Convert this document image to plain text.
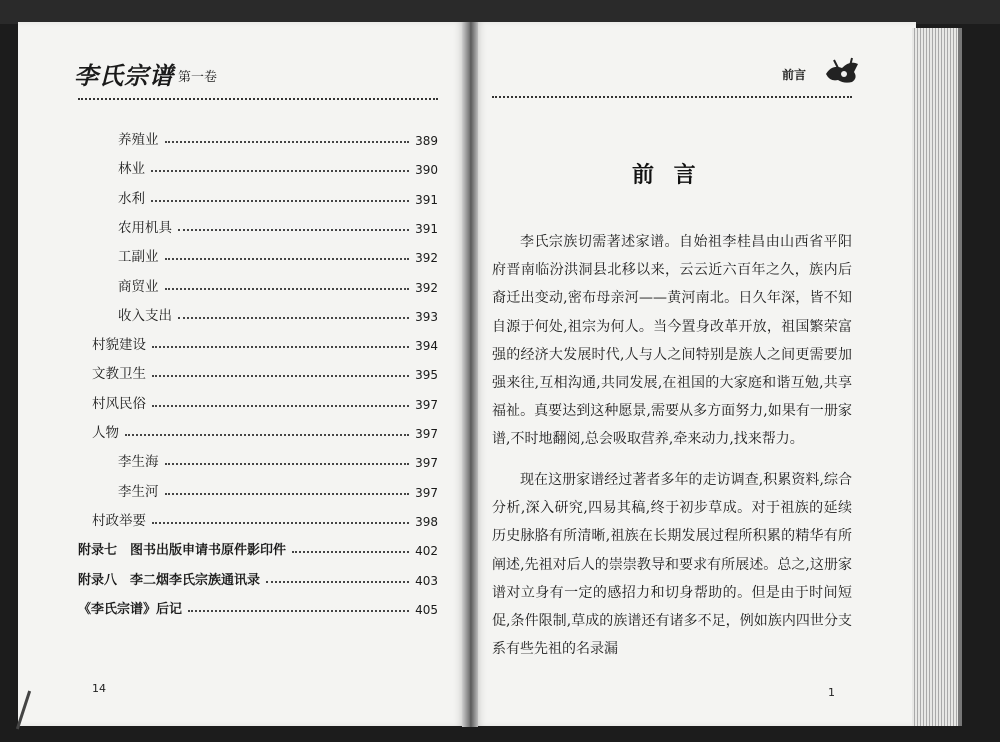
李氏宗谱 第一卷
养殖业	389
林业	390
水利	391
农用机具	391
工副业	392
商贸业	392
收入支出	393
村貌建设	394
文教卫生	395
村风民俗	397
人物	397
李生海	397
李生河	397
村政举要	398
附录七　图书出版申请书原件影印件	402
附录八　李二烟李氏宗族通讯录	403
《李氏宗谱》后记	405
14
前言
前 言
李氏宗族切需著述家谱。自始祖李桂昌由山西省平阳府晋南临汾洪洞县北移以来，云云近六百年之久，族内后裔迁出变动,密布母亲河——黄河南北。日久年深，皆不知自源于何处,祖宗为何人。当今置身改革开放，祖国繁荣富强的经济大发展时代,人与人之间特别是族人之间更需要加强来往,互相沟通,共同发展,在祖国的大家庭和谐互勉,共享福祉。真要达到这种愿景,需要从多方面努力,如果有一册家谱,不时地翻阅,总会吸取营养,牵来动力,找来帮力。
现在这册家谱经过著者多年的走访调查,积累资料,综合分析,深入研究,四易其稿,终于初步草成。对于祖族的延续历史脉胳有所清晰,祖族在长期发展过程所积累的精华有所阐述,先祖对后人的崇崇教导和要求有所展述。总之,这册家谱对立身有一定的感招力和切身帮助的。但是由于时间短促,条件限制,草成的族谱还有诸多不足，例如族内四世分支系有些先祖的名录漏
1
